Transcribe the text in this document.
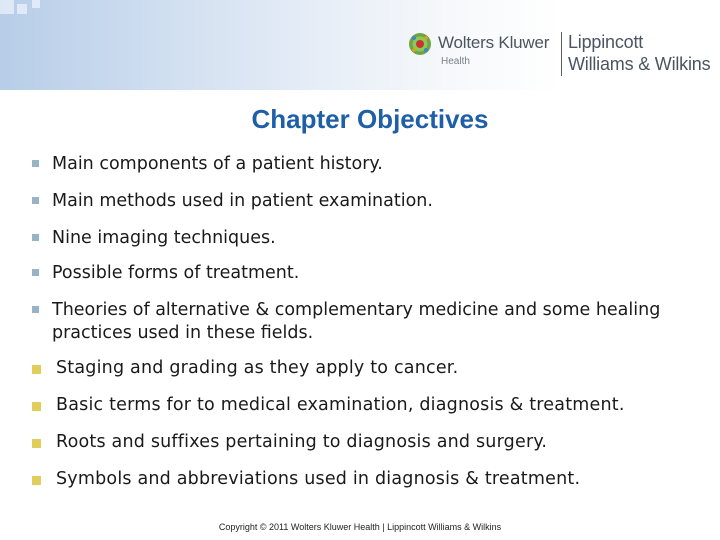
Wolters Kluwer
Health
Lippincott
Williams & Wilkins
Chapter Objectives
Main components of a patient history.
Main methods used in patient examination.
Nine imaging techniques.
Possible forms of treatment.
Theories of alternative & complementary medicine and some healing practices used in these fields.
Staging and grading as they apply to cancer.
Basic terms for to medical examination, diagnosis & treatment.
Roots and suffixes pertaining to diagnosis and surgery.
Symbols and abbreviations used in diagnosis & treatment.
Copyright © 2011 Wolters Kluwer Health | Lippincott Williams & Wilkins
